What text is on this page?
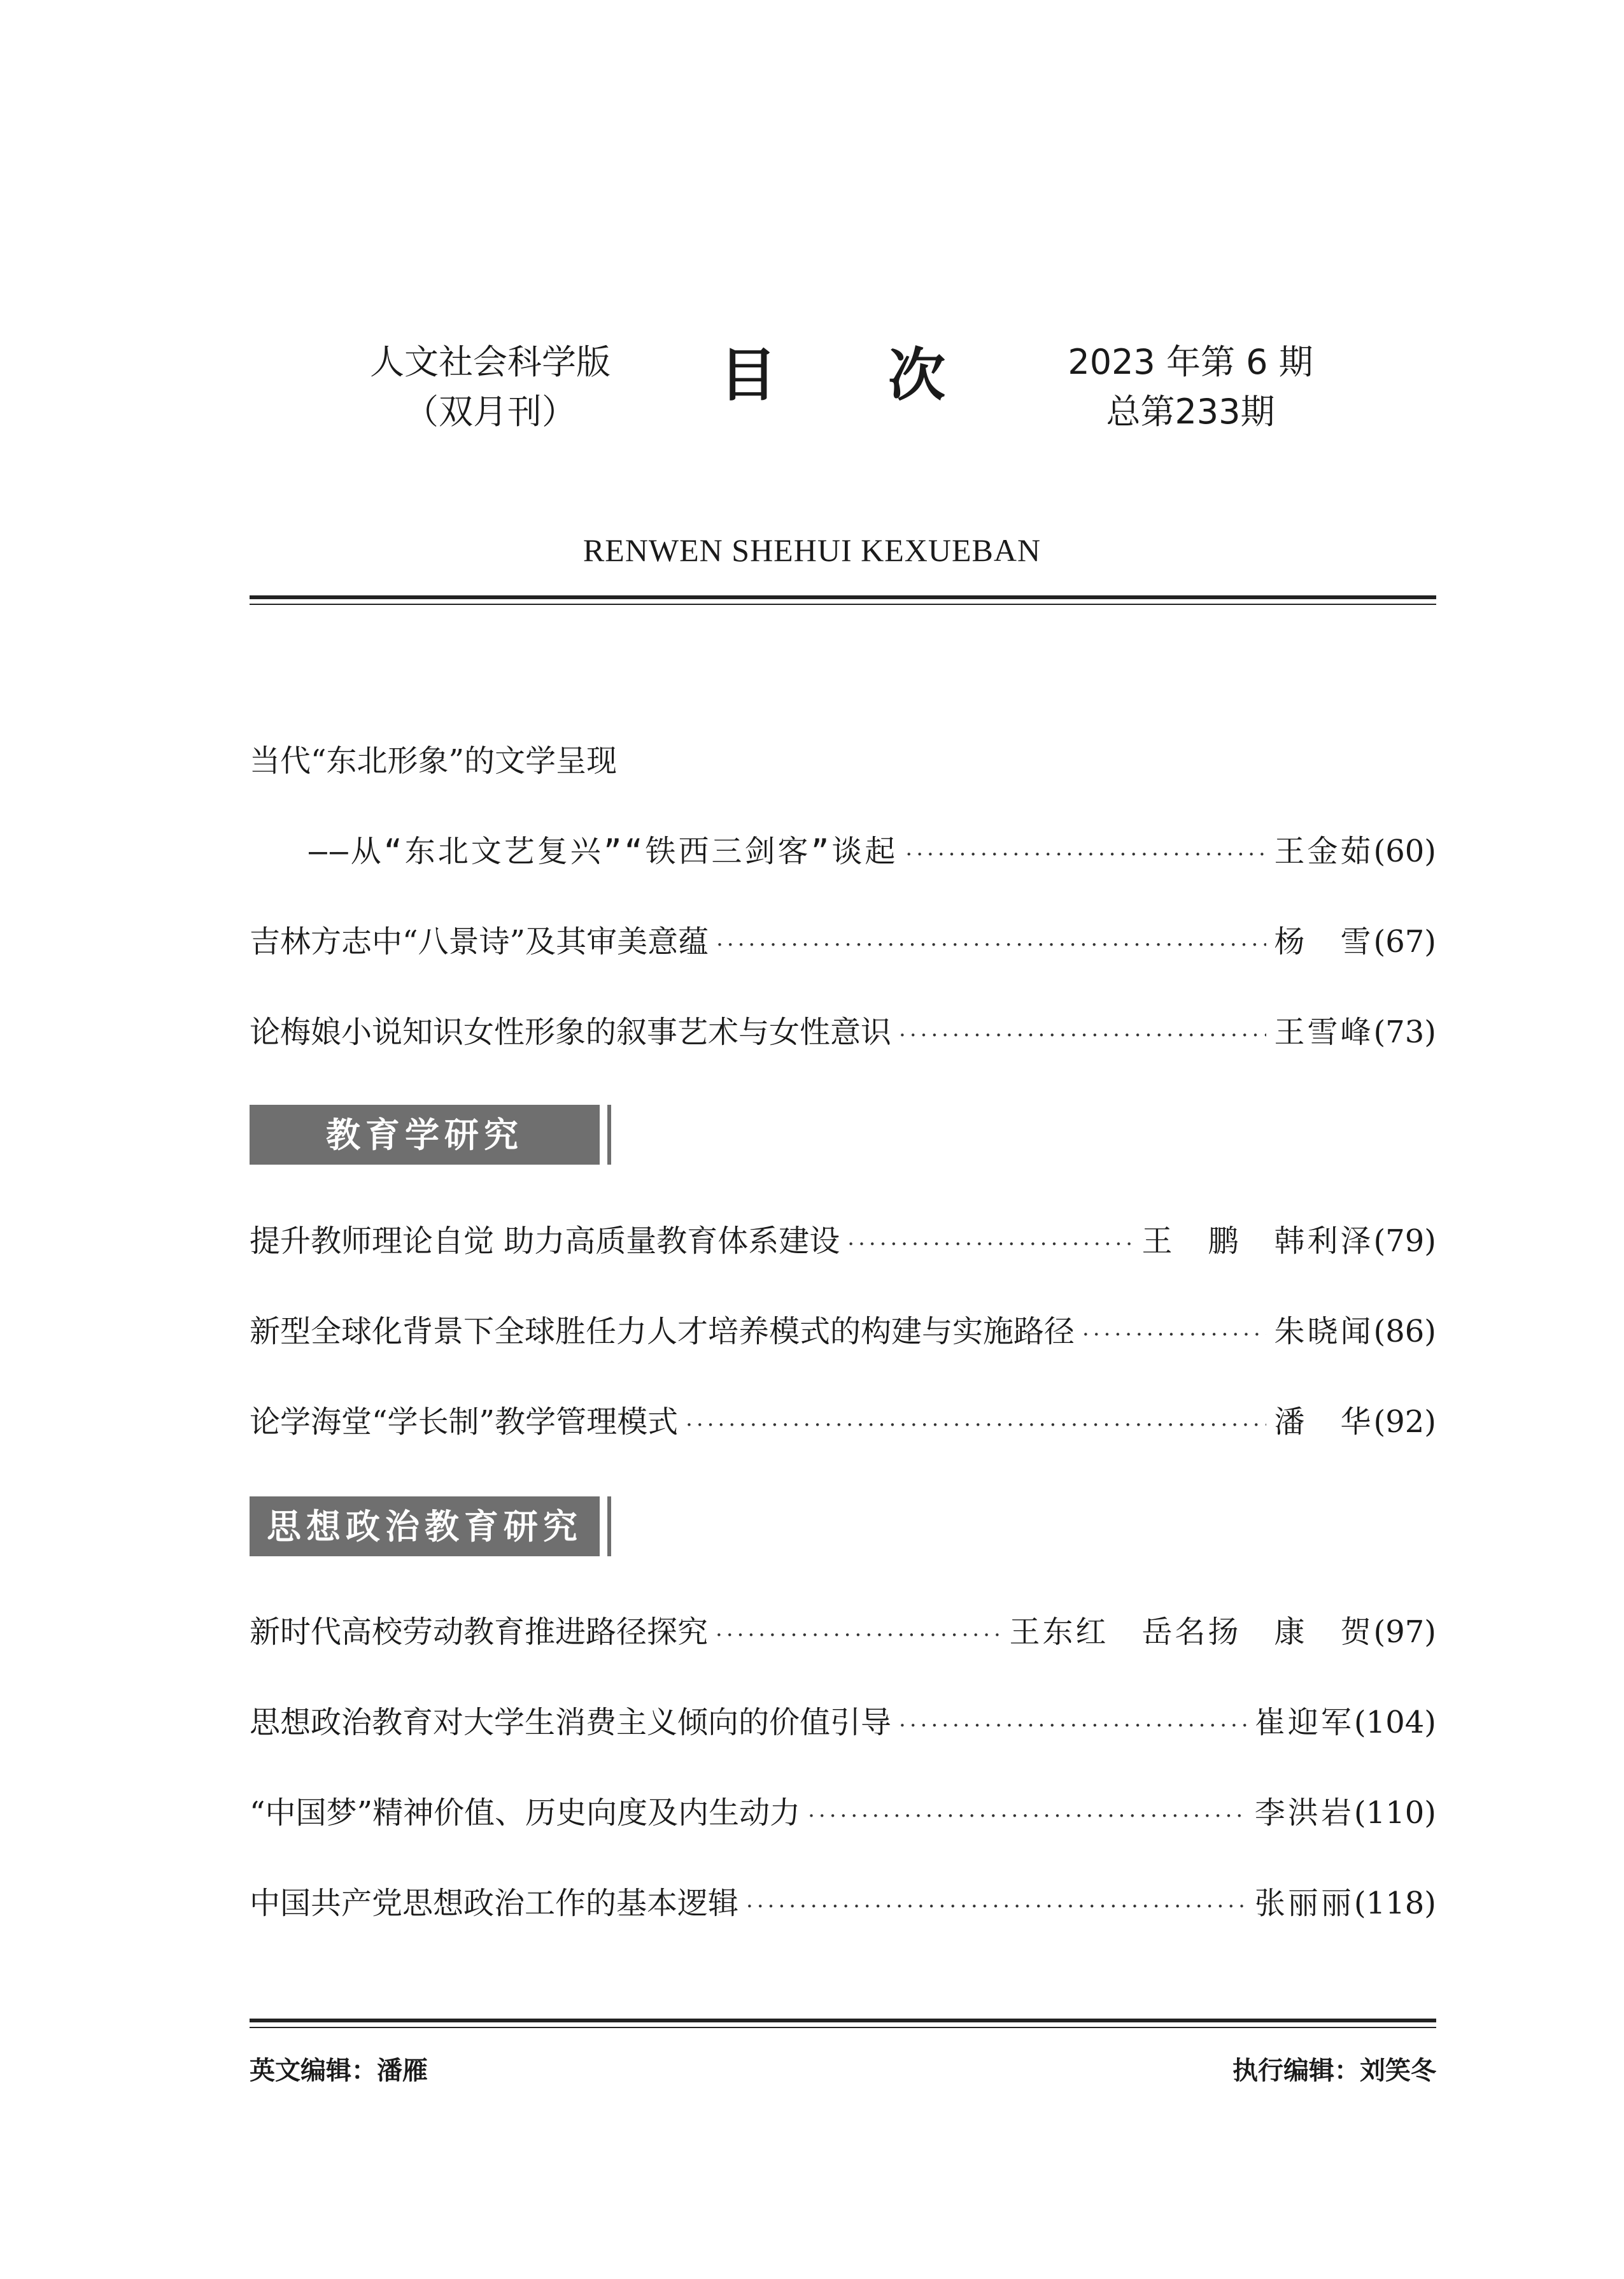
人文社会科学版
（双月刊）
目 次	2023 年第 6 期
总第233期
RENWEN SHEHUI KEXUEBAN
当代“东北形象”的文学呈现
——从“东北文艺复兴”“铁西三剑客”谈起 ·····	王金茹 (60)
吉林方志中“八景诗”及其审美意蕴 ·····	杨　雪 (67)
论梅娘小说知识女性形象的叙事艺术与女性意识 ·····	王雪峰 (73)
教育学研究
提升教师理论自觉 助力高质量教育体系建设 ·····	王　鹏　韩利泽 (79)
新型全球化背景下全球胜任力人才培养模式的构建与实施路径 ·····	朱晓闻 (86)
论学海堂“学长制”教学管理模式 ·····	潘　华 (92)
思想政治教育研究
新时代高校劳动教育推进路径探究 ·····	王东红　岳名扬　康　贺 (97)
思想政治教育对大学生消费主义倾向的价值引导 ·····	崔迎军 (104)
“中国梦”精神价值、历史向度及内生动力 ·····	李洪岩 (110)
中国共产党思想政治工作的基本逻辑 ·····	张丽丽 (118)
英文编辑：潘雁	执行编辑：刘笑冬
